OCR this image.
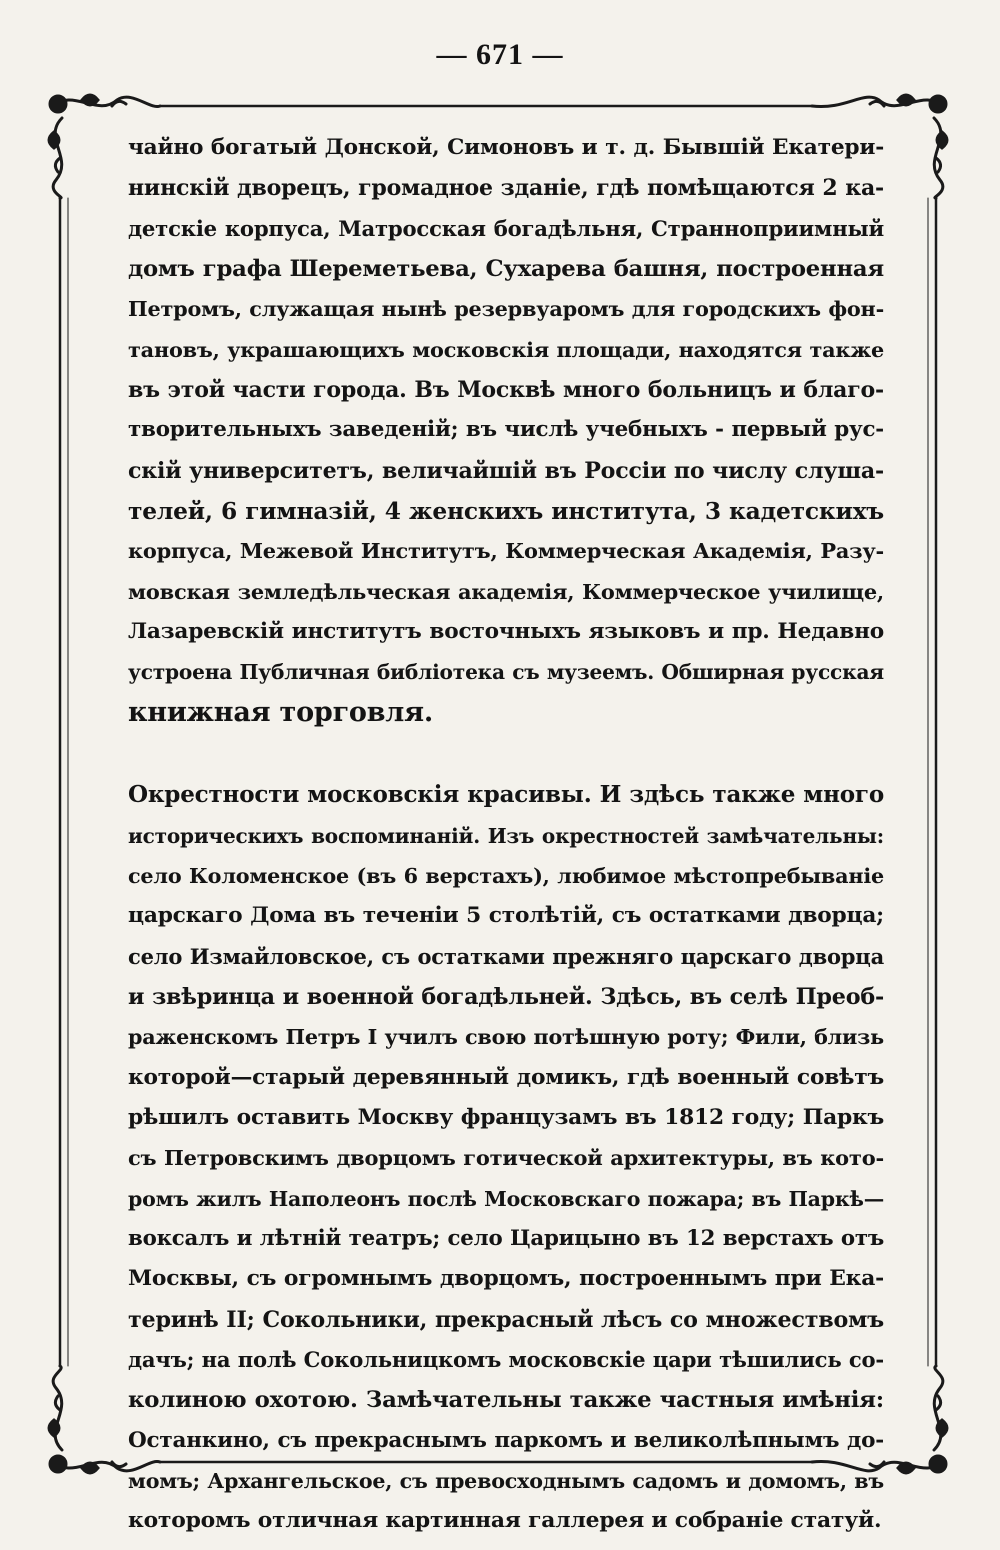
— 671 —
чайно богатый Донской, Симоновъ и т. д. Бывшій Екатери-
нинскій дворецъ, громадное зданіе, гдѣ помѣщаются 2 ка-
детскіе корпуса, Матросская богадѣльня, Странноприимный
домъ графа Шереметьева, Сухарева башня, построенная
Петромъ, служащая нынѣ резервуаромъ для городскихъ фон-
тановъ, украшающихъ московскія площади, находятся также
въ этой части города. Въ Москвѣ много больницъ и благо-
творительныхъ заведеній; въ числѣ учебныхъ - первый рус-
скій университетъ, величайшій въ Россіи по числу слуша-
телей, 6 гимназій, 4 женскихъ института, 3 кадетскихъ
корпуса, Межевой Институтъ, Коммерческая Академія, Разу-
мовская земледѣльческая академія, Коммерческое училище,
Лазаревскій институтъ восточныхъ языковъ и пр. Недавно
устроена Публичная библіотека съ музеемъ. Обширная русская
книжная торговля.
Окрестности московскія красивы. И здѣсь также много
историческихъ воспоминаній. Изъ окрестностей замѣчательны:
село Коломенское (въ 6 верстахъ), любимое мѣстопребываніе
царскаго Дома въ теченіи 5 столѣтій, съ остатками дворца;
село Измайловское, съ остатками прежняго царскаго дворца
и звѣринца и военной богадѣльней. Здѣсь, въ селѣ Преоб-
раженскомъ Петръ I училъ свою потѣшную роту; Фили, близь
которой—старый деревянный домикъ, гдѣ военный совѣтъ
рѣшилъ оставить Москву французамъ въ 1812 году; Паркъ
съ Петровскимъ дворцомъ готической архитектуры, въ кото-
ромъ жилъ Наполеонъ послѣ Московскаго пожара; въ Паркѣ—
воксалъ и лѣтній театръ; село Царицыно въ 12 верстахъ отъ
Москвы, съ огромнымъ дворцомъ, построеннымъ при Ека-
теринѣ II; Сокольники, прекрасный лѣсъ со множествомъ
дачъ; на полѣ Сокольницкомъ московскіе цари тѣшились со-
колиною охотою. Замѣчательны также частныя имѣнія:
Останкино, съ прекраснымъ паркомъ и великолѣпнымъ до-
момъ; Архангельское, съ превосходнымъ садомъ и домомъ, въ
которомъ отличная картинная галлерея и собраніе статуй.
